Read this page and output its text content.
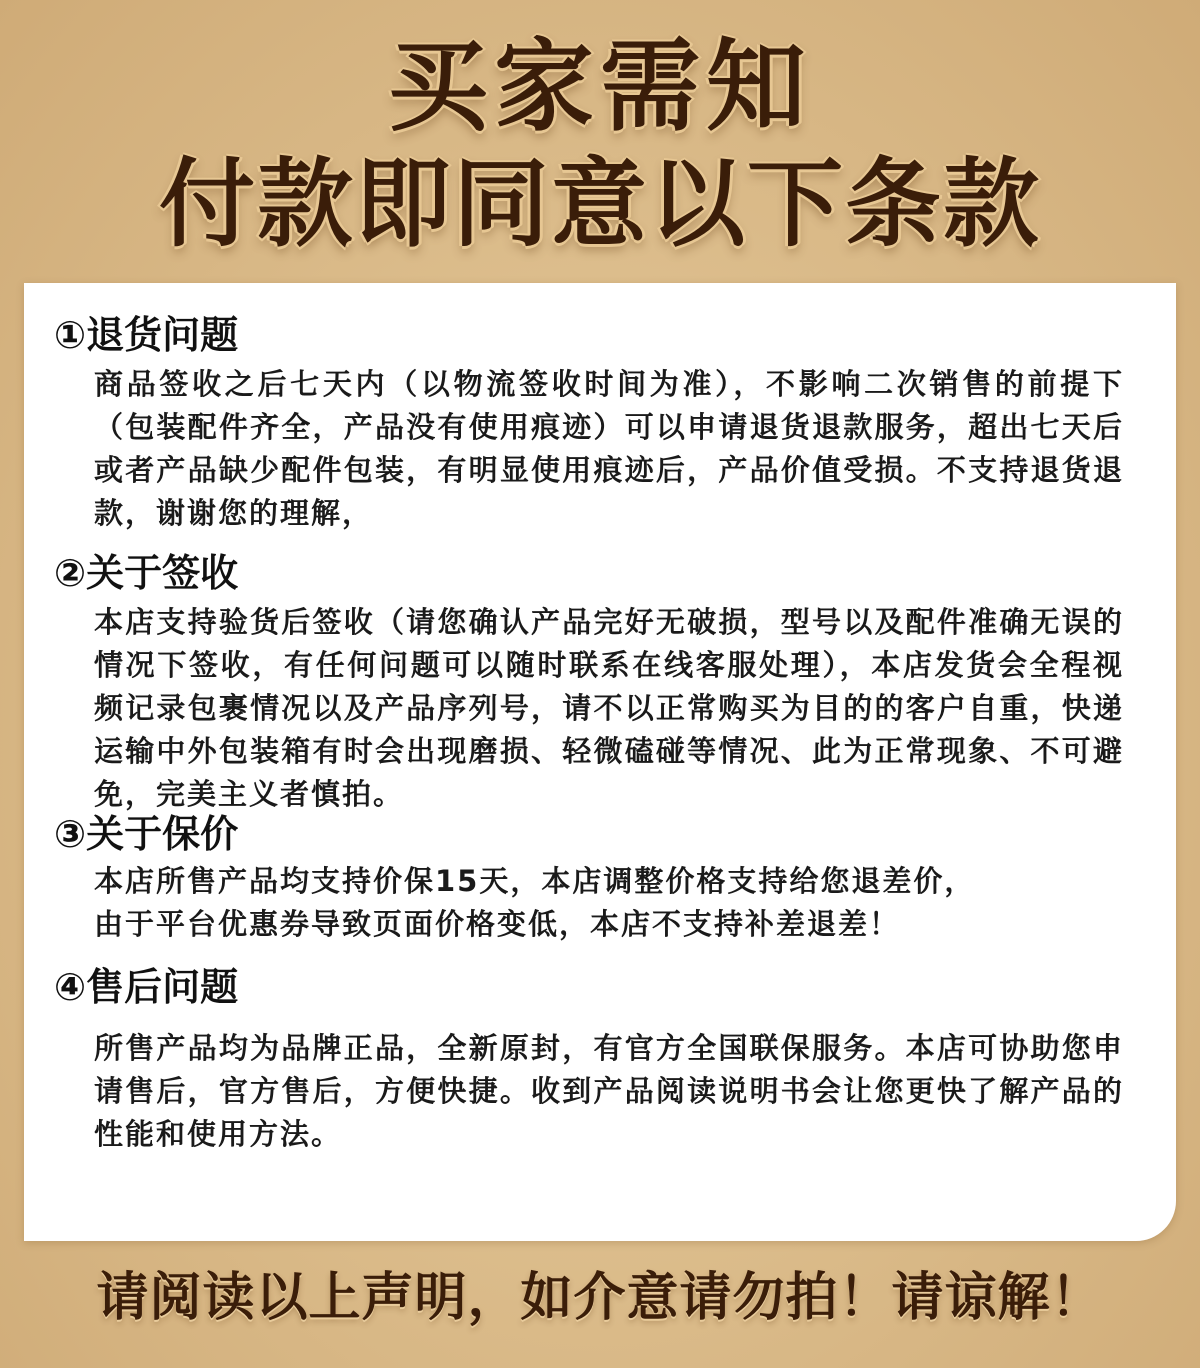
买家需知
付款即同意以下条款
①退货问题
商品签收之后七天内（以物流签收时间为准），不影响二次销售的前提下（包装配件齐全，产品没有使用痕迹）可以申请退货退款服务，超出七天后或者产品缺少配件包装，有明显使用痕迹后，产品价值受损。不支持退货退款，谢谢您的理解，
②关于签收
本店支持验货后签收（请您确认产品完好无破损，型号以及配件准确无误的情况下签收，有任何问题可以随时联系在线客服处理），本店发货会全程视频记录包裹情况以及产品序列号，请不以正常购买为目的的客户自重，快递运输中外包装箱有时会出现磨损、轻微磕碰等情况、此为正常现象、不可避免，完美主义者慎拍。
③关于保价
本店所售产品均支持价保15天，本店调整价格支持给您退差价，
由于平台优惠券导致页面价格变低，本店不支持补差退差！
④售后问题
所售产品均为品牌正品，全新原封，有官方全国联保服务。本店可协助您申请售后，官方售后，方便快捷。收到产品阅读说明书会让您更快了解产品的性能和使用方法。
请阅读以上声明，如介意请勿拍！请谅解！
